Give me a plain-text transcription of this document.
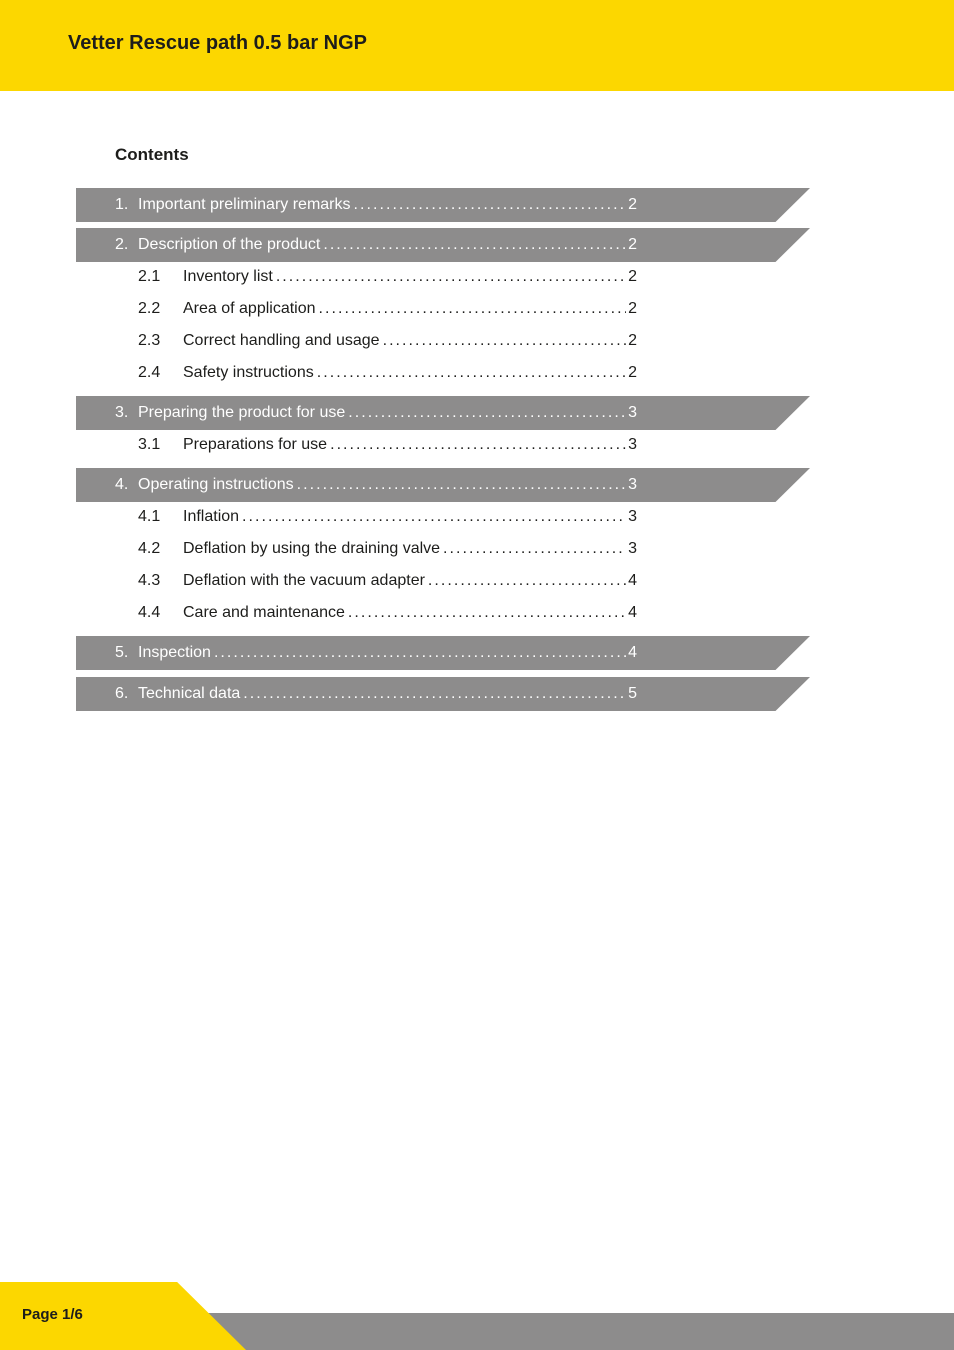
Vetter Rescue path 0.5 bar NGP
Contents
1. Important preliminary remarks . . .	2
2. Description of the product . . .	2
2.1	Inventory list . . .	2
2.2	Area of application . . .	2
2.3	Correct handling and usage . . .	2
2.4	Safety instructions . . .	2
3. Preparing the product for use . . .	3
3.1	Preparations for use . . .	3
4. Operating instructions . . .	3
4.1	Inflation . . .	3
4.2	Deflation by using the draining valve . . .	3
4.3	Deflation with the vacuum adapter . . .	4
4.4	Care and maintenance . . .	4
5. Inspection . . .	4
6. Technical data . . .	5
Page 1/6
